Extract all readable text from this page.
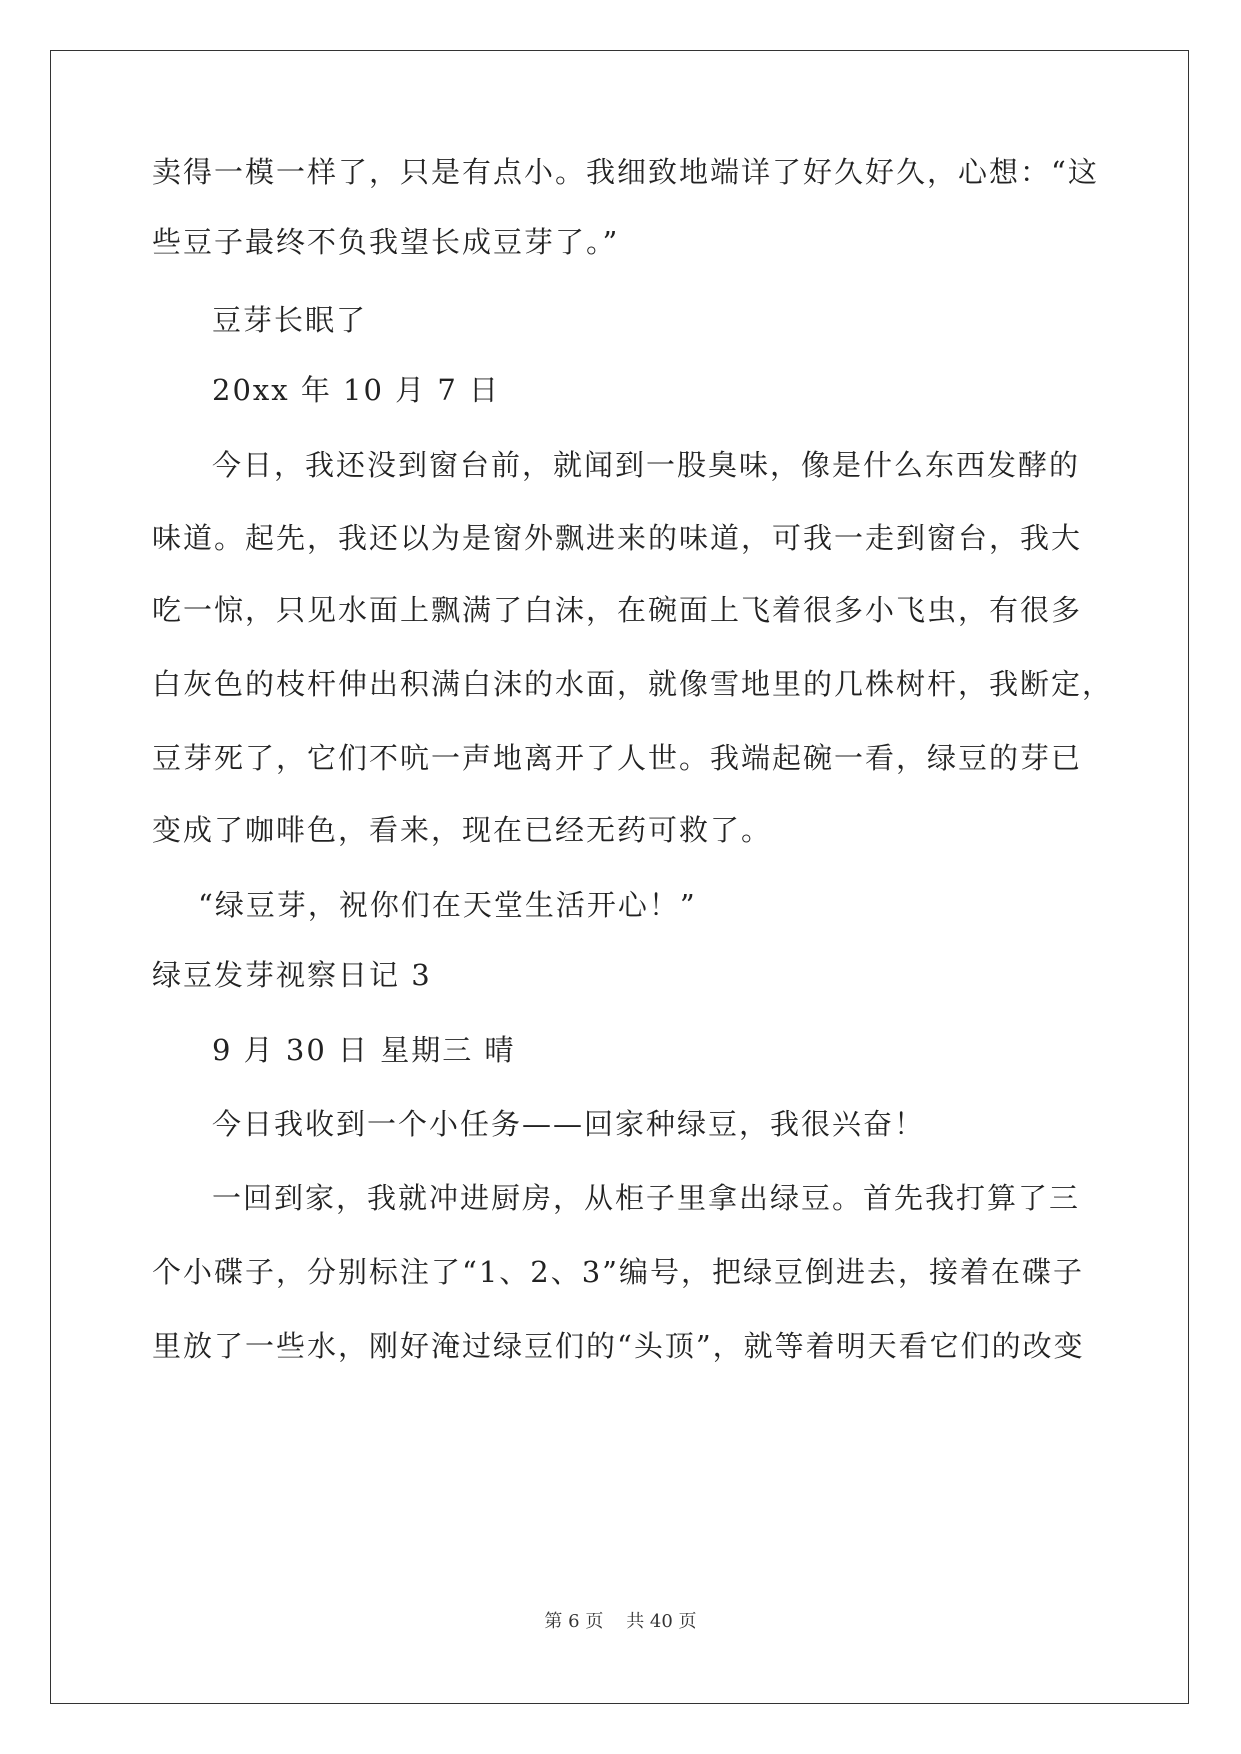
卖得一模一样了，只是有点小。我细致地端详了好久好久，心想：“这
些豆子最终不负我望长成豆芽了。”
豆芽长眠了
20xx 年 10 月 7 日
今日，我还没到窗台前，就闻到一股臭味，像是什么东西发酵的
味道。起先，我还以为是窗外飘进来的味道，可我一走到窗台，我大
吃一惊，只见水面上飘满了白沫，在碗面上飞着很多小飞虫，有很多
白灰色的枝杆伸出积满白沫的水面，就像雪地里的几株树杆，我断定，
豆芽死了，它们不吭一声地离开了人世。我端起碗一看，绿豆的芽已
变成了咖啡色，看来，现在已经无药可救了。
“绿豆芽，祝你们在天堂生活开心！”
绿豆发芽视察日记 3
9 月 30 日 星期三 晴
今日我收到一个小任务——回家种绿豆，我很兴奋！
一回到家，我就冲进厨房，从柜子里拿出绿豆。首先我打算了三
个小碟子，分别标注了“1、2、3”编号，把绿豆倒进去，接着在碟子
里放了一些水，刚好淹过绿豆们的“头顶”，就等着明天看它们的改变
第 6 页    共 40 页
